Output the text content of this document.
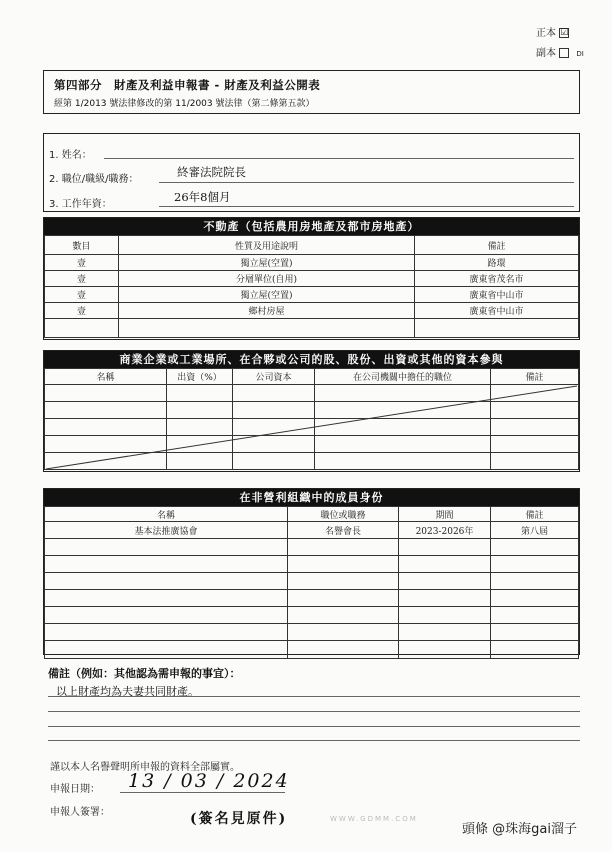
正本 ☑
副本	DI
第四部分　財產及利益申報書 - 財產及利益公開表
經第 1/2013 號法律修改的第 11/2003 號法律（第二條第五款）
1. 姓名：
2. 職位/職級/職務：
終審法院院長
3. 工作年資：
26年8個月
不動產（包括農用房地產及都市房地產）
數目	性質及用途說明	備註
壹	獨立屋(空置)	路環
壹	分層單位(自用)	廣東省茂名市
壹	獨立屋(空置)	廣東省中山市
壹	鄉村房屋	廣東省中山市

商業企業或工業場所、在合夥或公司的股、股份、出資或其他的資本參與
名稱	出資（%）	公司資本	在公司機關中擔任的職位	備註

在非營利組織中的成員身份
名稱	職位或職務	期間	備註
基本法推廣協會	名譽會長	2023-2026年	第八屆

備註（例如：其他認為需申報的事宜）：
以上財產均為夫妻共同財產。
謹以本人名譽聲明所申報的資料全部屬實。
申報日期： 13 / 03 / 2024
申報人簽署：	(簽名見原件)	WWW.GDMM.COM
頭條 @珠海gai溜子
